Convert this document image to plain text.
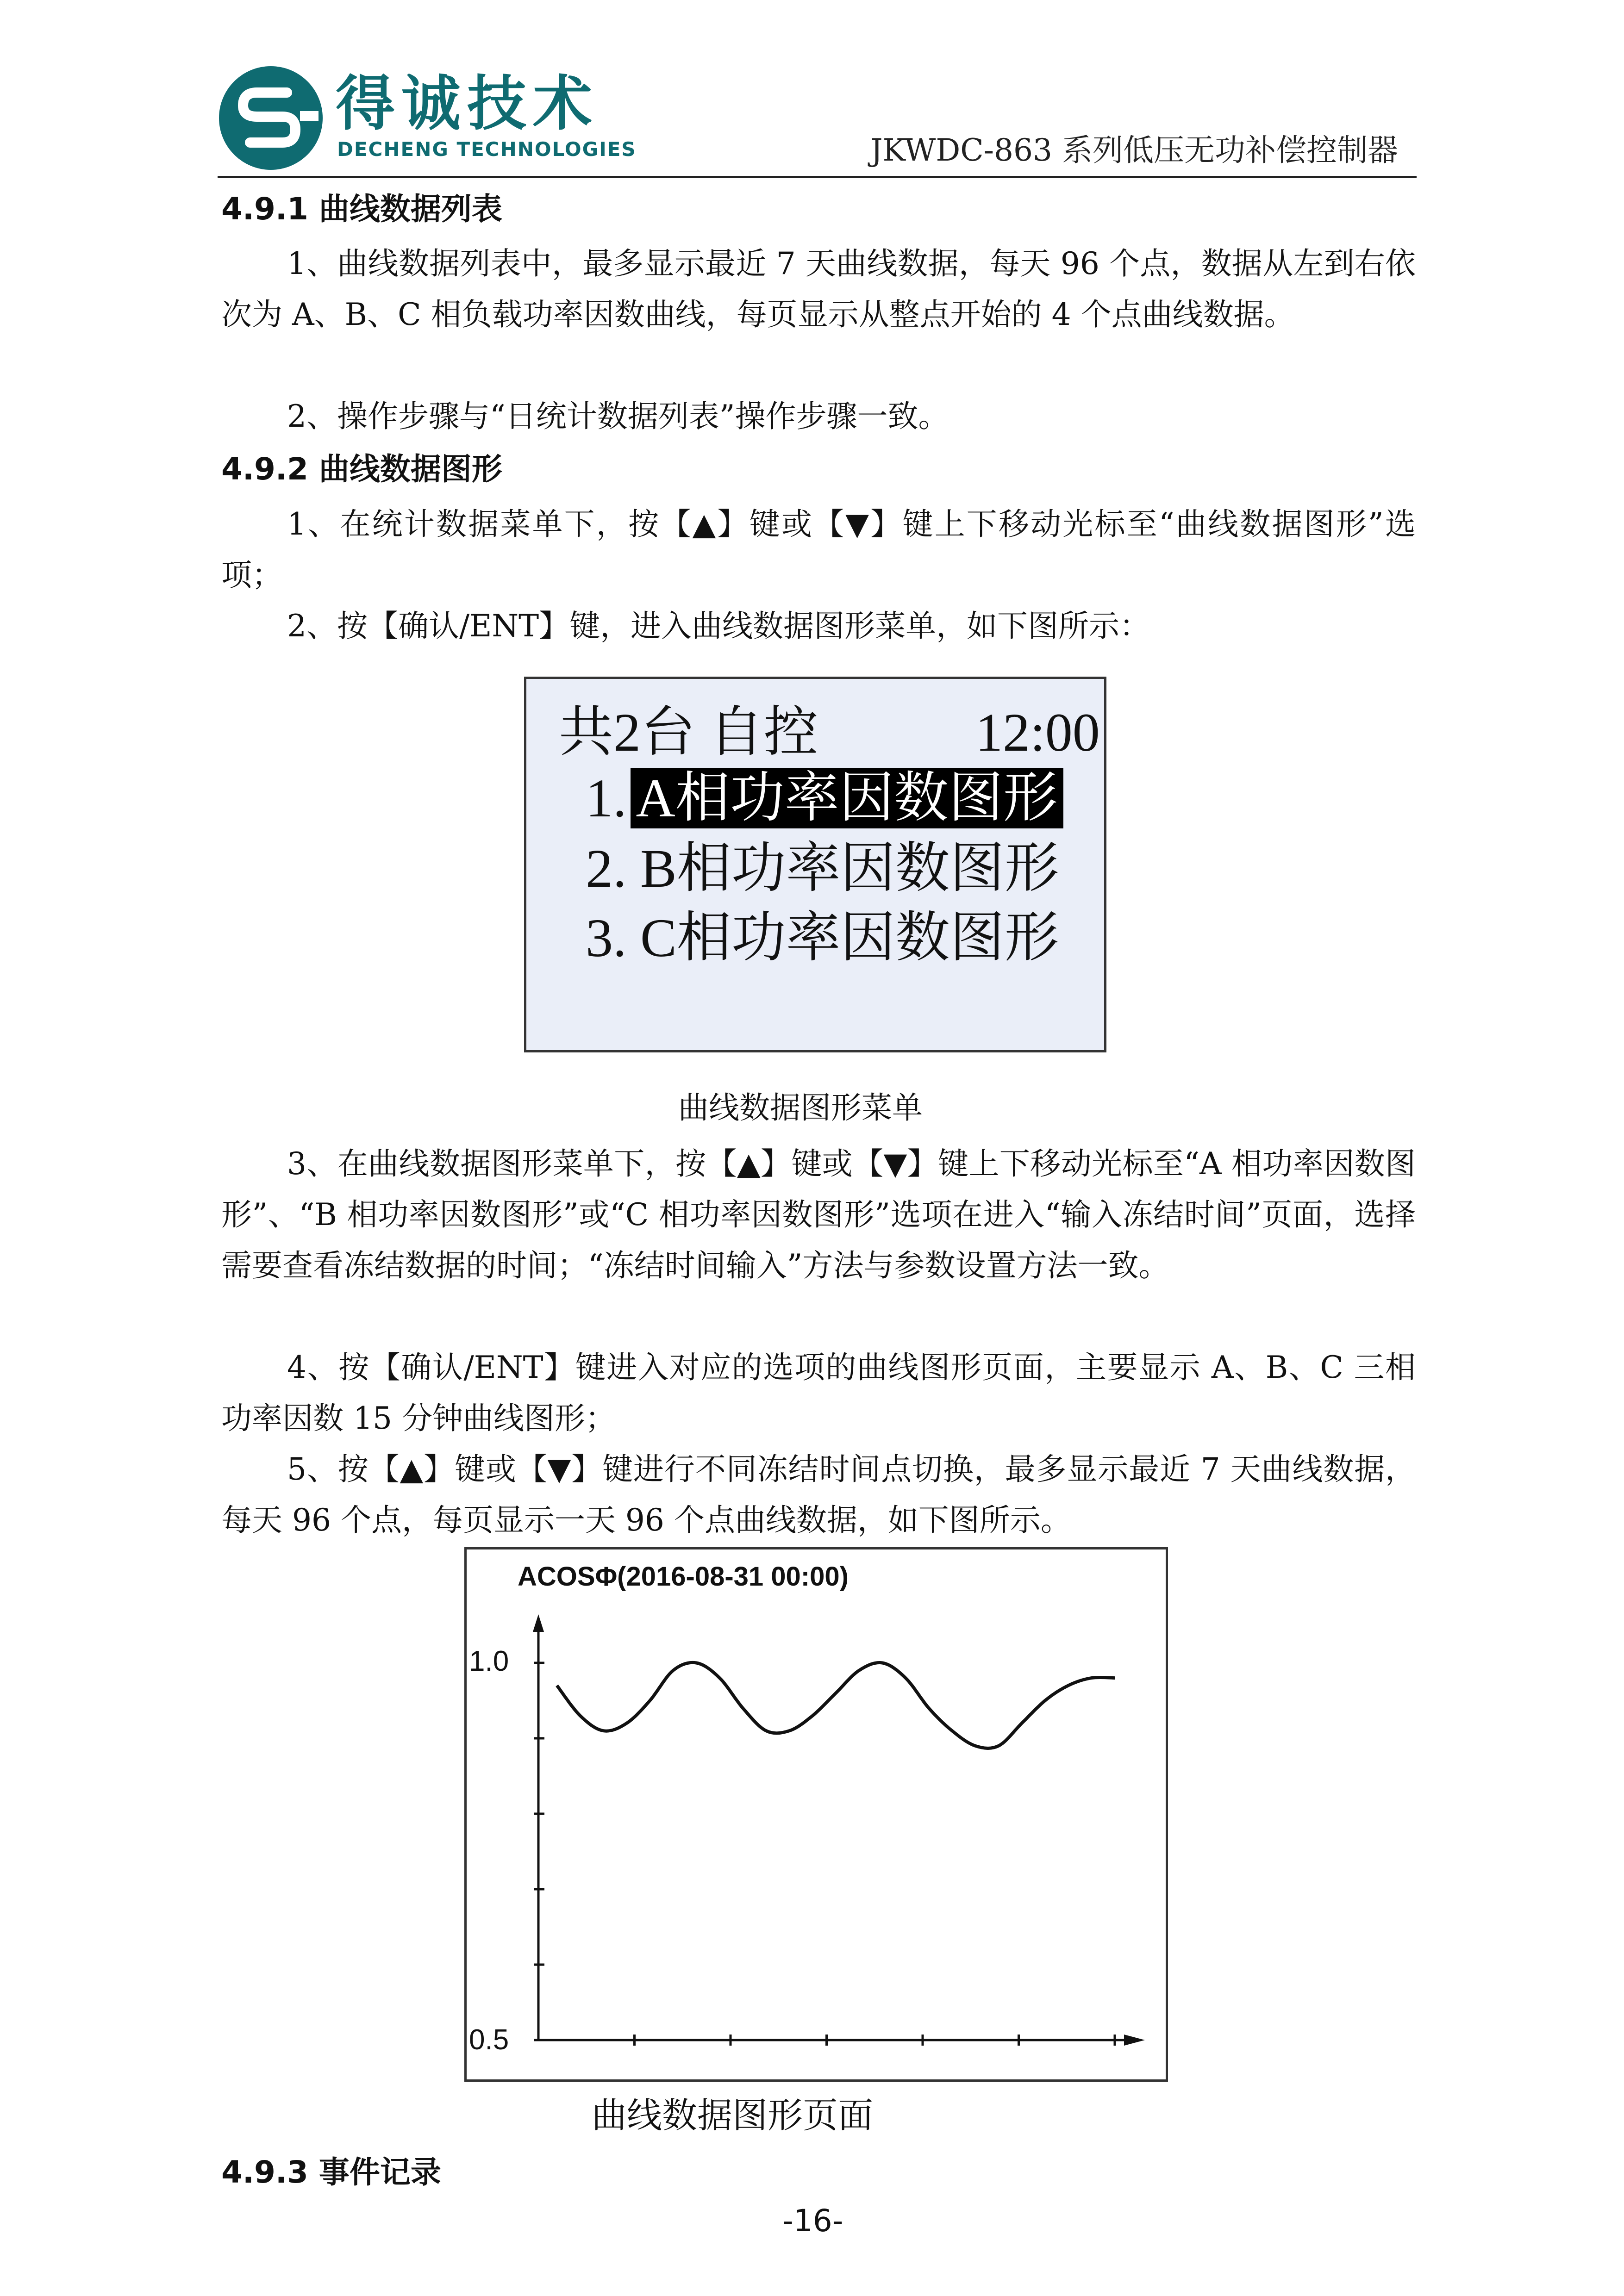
得诚技术
DECHENG TECHNOLOGIES	JKWDC-863 系列低压无功补偿控制器
4.9.1 曲线数据列表

1、曲线数据列表中，最多显示最近 7 天曲线数据，每天 96 个点，数据从左到右依次为 A、B、C 相负载功率因数曲线，每页显示从整点开始的 4 个点曲线数据。

2、操作步骤与“日统计数据列表”操作步骤一致。

4.9.2 曲线数据图形

1、在统计数据菜单下，按【▲】键或【▼】键上下移动光标至“曲线数据图形”选项；

2、按【确认/ENT】键，进入曲线数据图形菜单，如下图所示：

共2台 自控	12:00
1. A相功率因数图形
2. B相功率因数图形
3. C相功率因数图形
曲线数据图形菜单

3、在曲线数据图形菜单下，按【▲】键或【▼】键上下移动光标至“A 相功率因数图形”、“B 相功率因数图形”或“C 相功率因数图形”选项在进入“输入冻结时间”页面，选择需要查看冻结数据的时间；“冻结时间输入”方法与参数设置方法一致。

4、按【确认/ENT】键进入对应的选项的曲线图形页面，主要显示 A、B、C 三相功率因数 15 分钟曲线图形；

5、按【▲】键或【▼】键进行不同冻结时间点切换，最多显示最近 7 天曲线数据，每天 96 个点，每页显示一天 96 个点曲线数据，如下图所示。

ACOSΦ(2016-08-31 00:00)
1.0
0.5
曲线数据图形页面
4.9.3 事件记录
-16-
